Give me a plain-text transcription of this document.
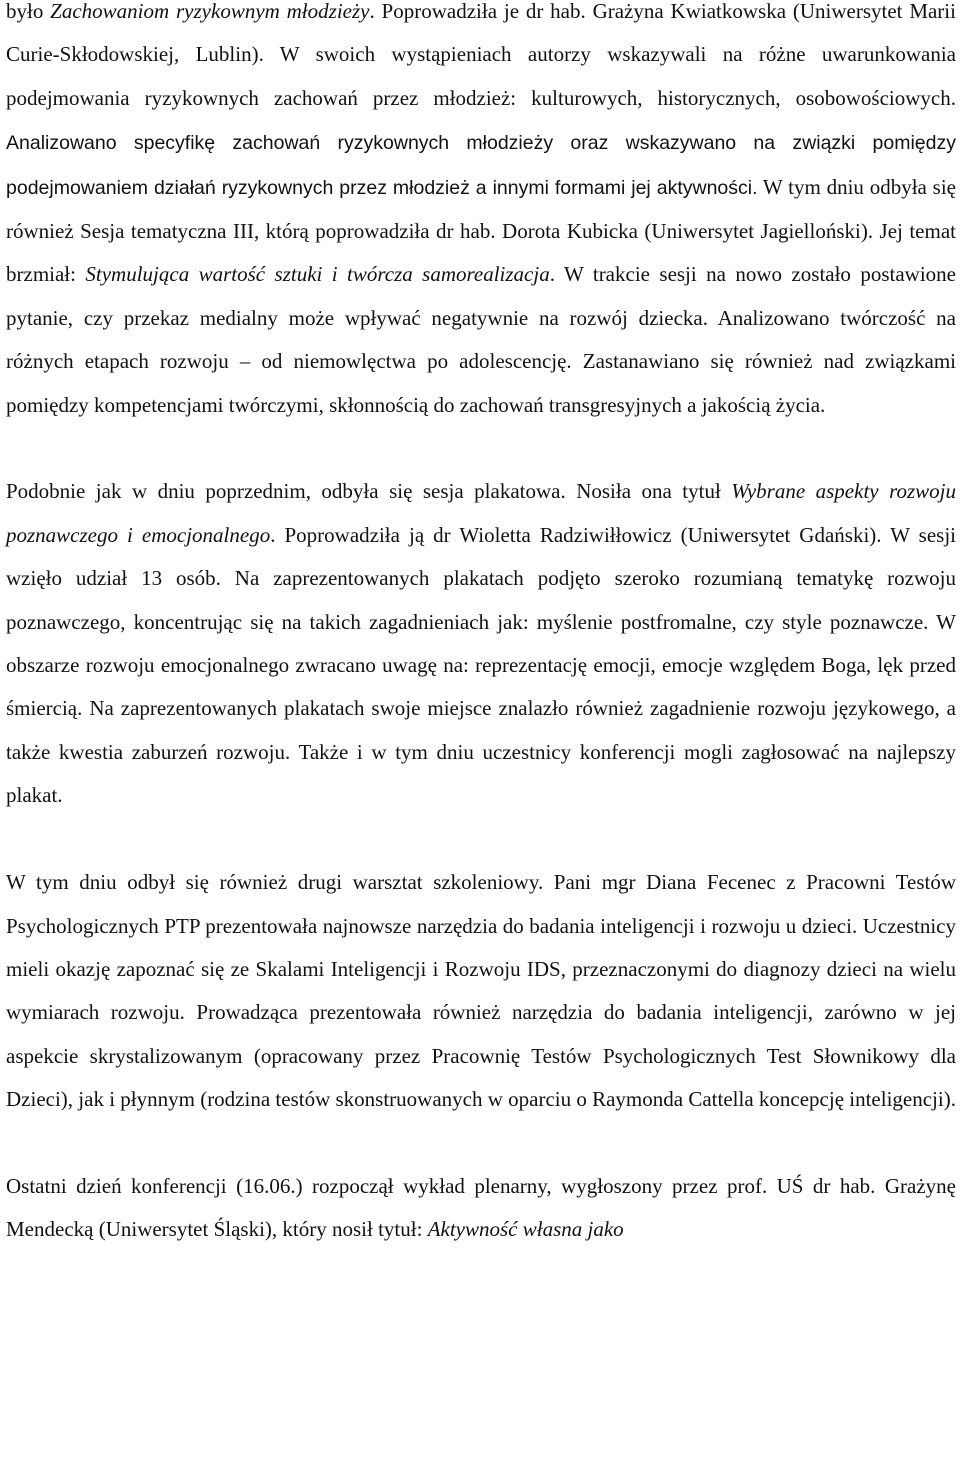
było Zachowaniom ryzykownym młodzieży. Poprowadziła je dr hab. Grażyna Kwiatkowska (Uniwersytet Marii Curie-Skłodowskiej, Lublin). W swoich wystąpieniach autorzy wskazywali na różne uwarunkowania podejmowania ryzykownych zachowań przez młodzież: kulturowych, historycznych, osobowościowych. Analizowano specyfikę zachowań ryzykownych młodzieży oraz wskazywano na związki pomiędzy podejmowaniem działań ryzykownych przez młodzież a innymi formami jej aktywności. W tym dniu odbyła się również Sesja tematyczna III, którą poprowadziła dr hab. Dorota Kubicka (Uniwersytet Jagielloński). Jej temat brzmiał: Stymulująca wartość sztuki i twórcza samorealizacja. W trakcie sesji na nowo zostało postawione pytanie, czy przekaz medialny może wpływać negatywnie na rozwój dziecka. Analizowano twórczość na różnych etapach rozwoju – od niemowlęctwa po adolescencję. Zastanawiano się również nad związkami pomiędzy kompetencjami twórczymi, skłonnością do zachowań transgresyjnych a jakością życia.

Podobnie jak w dniu poprzednim, odbyła się sesja plakatowa. Nosiła ona tytuł Wybrane aspekty rozwoju poznawczego i emocjonalnego. Poprowadziła ją dr Wioletta Radziwiłłowicz (Uniwersytet Gdański). W sesji wzięło udział 13 osób. Na zaprezentowanych plakatach podjęto szeroko rozumianą tematykę rozwoju poznawczego, koncentrując się na takich zagadnieniach jak: myślenie postfromalne, czy style poznawcze. W obszarze rozwoju emocjonalnego zwracano uwagę na: reprezentację emocji, emocje względem Boga, lęk przed śmiercią. Na zaprezentowanych plakatach swoje miejsce znalazło również zagadnienie rozwoju językowego, a także kwestia zaburzeń rozwoju. Także i w tym dniu uczestnicy konferencji mogli zagłosować na najlepszy plakat.

W tym dniu odbył się również drugi warsztat szkoleniowy. Pani mgr Diana Fecenec z Pracowni Testów Psychologicznych PTP prezentowała najnowsze narzędzia do badania inteligencji i rozwoju u dzieci. Uczestnicy mieli okazję zapoznać się ze Skalami Inteligencji i Rozwoju IDS, przeznaczonymi do diagnozy dzieci na wielu wymiarach rozwoju. Prowadząca prezentowała również narzędzia do badania inteligencji, zarówno w jej aspekcie skrystalizowanym (opracowany przez Pracownię Testów Psychologicznych Test Słownikowy dla Dzieci), jak i płynnym (rodzina testów skonstruowanych w oparciu o Raymonda Cattella koncepcję inteligencji).

Ostatni dzień konferencji (16.06.) rozpoczął wykład plenarny, wygłoszony przez prof. UŚ dr hab. Grażynę Mendecką (Uniwersytet Śląski), który nosił tytuł: Aktywność własna jako
